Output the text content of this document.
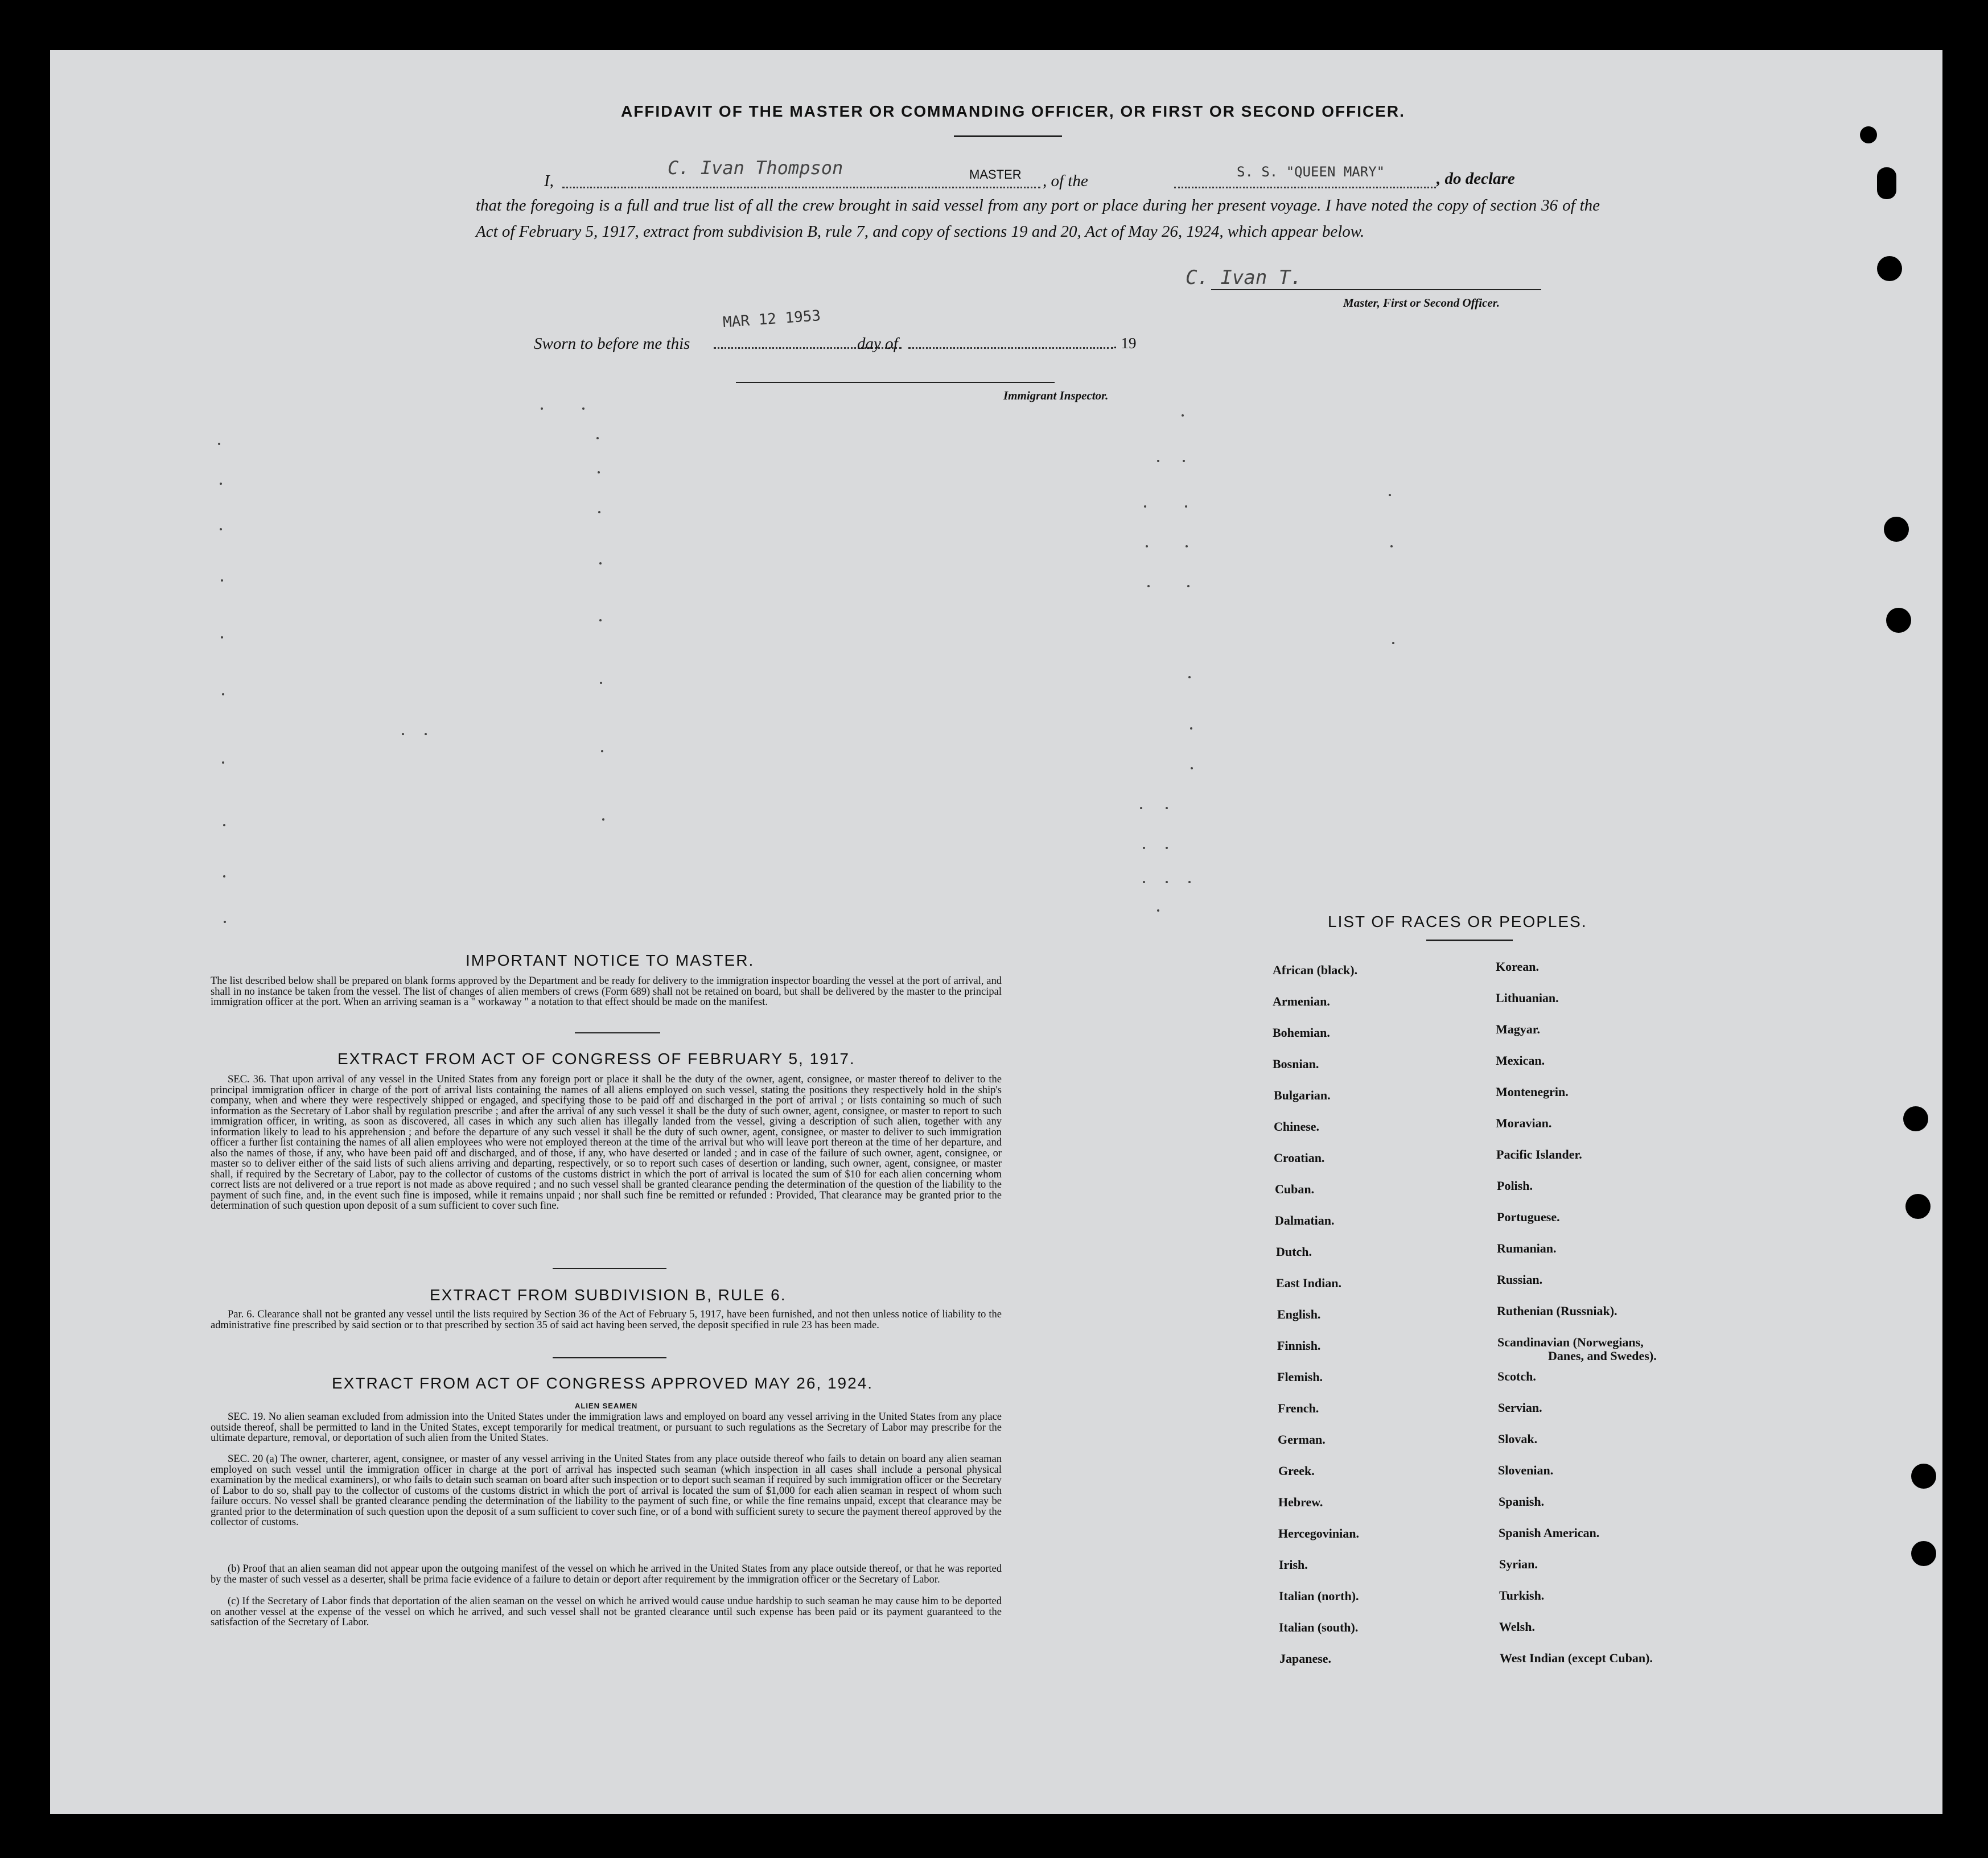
AFFIDAVIT OF THE MASTER OR COMMANDING OFFICER, OR FIRST OR SECOND OFFICER.
I,
C. Ivan Thompson	MASTER , of the	S. S. "QUEEN MARY"	, do declare
that the foregoing is a full and true list of all the crew brought in said vessel from any port or place during her present voyage. I have noted the copy of section 36 of the Act of February 5, 1917, extract from subdivision B, rule 7, and copy of sections 19 and 20, Act of May 26, 1924, which appear below.
C. Ivan T.
Master, First or Second Officer.
Sworn to before me this
MAR 12 1953
day of	. 19
Immigrant Inspector.
IMPORTANT NOTICE TO MASTER.
The list described below shall be prepared on blank forms approved by the Department and be ready for delivery to the immigration inspector boarding the vessel at the port of arrival, and shall in no instance be taken from the vessel. The list of changes of alien members of crews (Form 689) shall not be retained on board, but shall be delivered by the master to the principal immigration officer at the port. When an arriving seaman is a " workaway " a notation to that effect should be made on the manifest.
EXTRACT FROM ACT OF CONGRESS OF FEBRUARY 5, 1917.
SEC. 36. That upon arrival of any vessel in the United States from any foreign port or place it shall be the duty of the owner, agent, consignee, or master thereof to deliver to the principal immigration officer in charge of the port of arrival lists containing the names of all aliens employed on such vessel, stating the positions they respectively hold in the ship's company, when and where they were respectively shipped or engaged, and specifying those to be paid off and discharged in the port of arrival ; or lists containing so much of such information as the Secretary of Labor shall by regulation prescribe ; and after the arrival of any such vessel it shall be the duty of such owner, agent, consignee, or master to report to such immigration officer, in writing, as soon as discovered, all cases in which any such alien has illegally landed from the vessel, giving a description of such alien, together with any information likely to lead to his apprehension ; and before the departure of any such vessel it shall be the duty of such owner, agent, consignee, or master to deliver to such immigration officer a further list containing the names of all alien employees who were not employed thereon at the time of the arrival but who will leave port thereon at the time of her departure, and also the names of those, if any, who have been paid off and discharged, and of those, if any, who have deserted or landed ; and in case of the failure of such owner, agent, consignee, or master so to deliver either of the said lists of such aliens arriving and departing, respectively, or so to report such cases of desertion or landing, such owner, agent, consignee, or master shall, if required by the Secretary of Labor, pay to the collector of customs of the customs district in which the port of arrival is located the sum of $10 for each alien concerning whom correct lists are not delivered or a true report is not made as above required ; and no such vessel shall be granted clearance pending the determination of the question of the liability to the payment of such fine, and, in the event such fine is imposed, while it remains unpaid ; nor shall such fine be remitted or refunded : Provided, That clearance may be granted prior to the determination of such question upon deposit of a sum sufficient to cover such fine.
EXTRACT FROM SUBDIVISION B, RULE 6.
Par. 6. Clearance shall not be granted any vessel until the lists required by Section 36 of the Act of February 5, 1917, have been furnished, and not then unless notice of liability to the administrative fine prescribed by said section or to that prescribed by section 35 of said act having been served, the deposit specified in rule 23 has been made.
EXTRACT FROM ACT OF CONGRESS APPROVED MAY 26, 1924.
ALIEN SEAMEN
SEC. 19. No alien seaman excluded from admission into the United States under the immigration laws and employed on board any vessel arriving in the United States from any place outside thereof, shall be permitted to land in the United States, except temporarily for medical treatment, or pursuant to such regulations as the Secretary of Labor may prescribe for the ultimate departure, removal, or deportation of such alien from the United States.
SEC. 20 (a) The owner, charterer, agent, consignee, or master of any vessel arriving in the United States from any place outside thereof who fails to detain on board any alien seaman employed on such vessel until the immigration officer in charge at the port of arrival has inspected such seaman (which inspection in all cases shall include a personal physical examination by the medical examiners), or who fails to detain such seaman on board after such inspection or to deport such seaman if required by such immigration officer or the Secretary of Labor to do so, shall pay to the collector of customs of the customs district in which the port of arrival is located the sum of $1,000 for each alien seaman in respect of whom such failure occurs. No vessel shall be granted clearance pending the determination of the liability to the payment of such fine, or while the fine remains unpaid, except that clearance may be granted prior to the determination of such question upon the deposit of a sum sufficient to cover such fine, or of a bond with sufficient surety to secure the payment thereof approved by the collector of customs.
(b) Proof that an alien seaman did not appear upon the outgoing manifest of the vessel on which he arrived in the United States from any place outside thereof, or that he was reported by the master of such vessel as a deserter, shall be prima facie evidence of a failure to detain or deport after requirement by the immigration officer or the Secretary of Labor.
(c) If the Secretary of Labor finds that deportation of the alien seaman on the vessel on which he arrived would cause undue hardship to such seaman he may cause him to be deported on another vessel at the expense of the vessel on which he arrived, and such vessel shall not be granted clearance until such expense has been paid or its payment guaranteed to the satisfaction of the Secretary of Labor.
LIST OF RACES OR PEOPLES.
African (black).
Armenian.
Bohemian.
Bosnian.
Bulgarian.
Chinese.
Croatian.
Cuban.
Dalmatian.
Dutch.
East Indian.
English.
Finnish.
Flemish.
French.
German.
Greek.
Hebrew.
Hercegovinian.
Irish.
Italian (north).
Italian (south).
Japanese.
Korean.
Lithuanian.
Magyar.
Mexican.
Montenegrin.
Moravian.
Pacific Islander.
Polish.
Portuguese.
Rumanian.
Russian.
Ruthenian (Russniak).
Scandinavian (Norwegians,
Danes, and Swedes).
Scotch.
Servian.
Slovak.
Slovenian.
Spanish.
Spanish American.
Syrian.
Turkish.
Welsh.
West Indian (except Cuban).
